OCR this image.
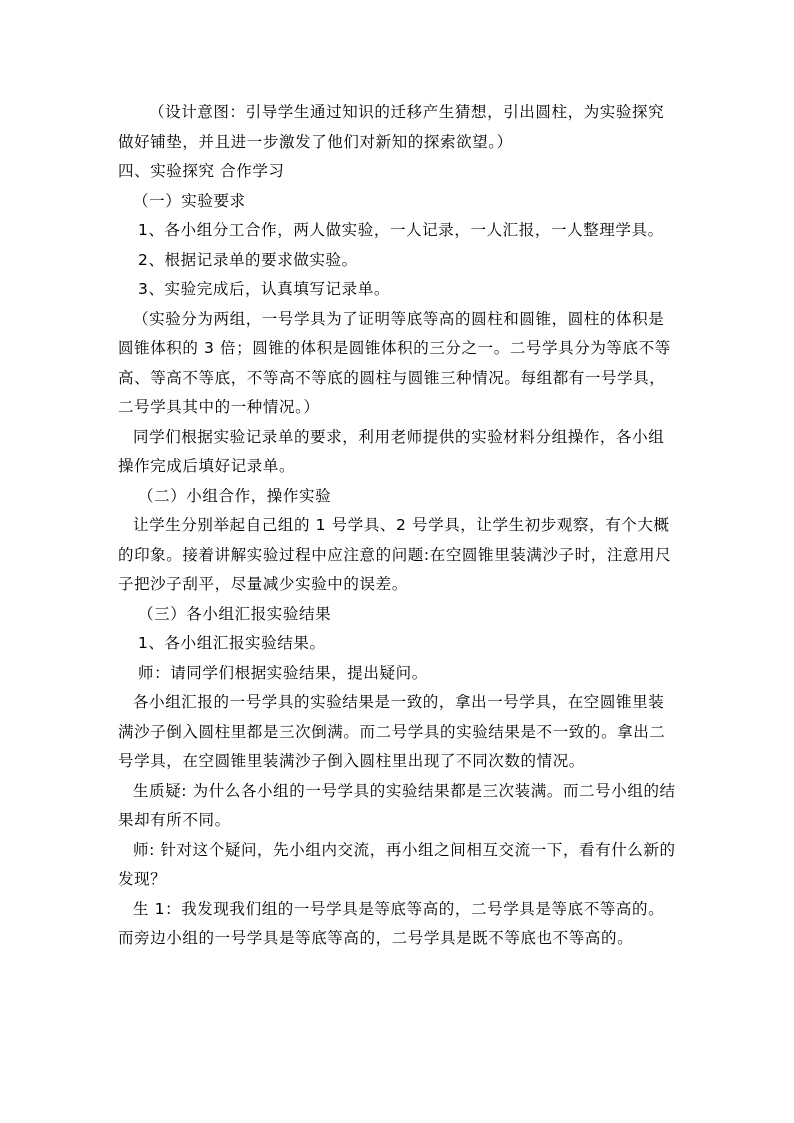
（设计意图：引导学生通过知识的迁移产生猜想，引出圆柱，为实验探究做好铺垫，并且进一步激发了他们对新知的探索欲望。）

四、实验探究 合作学习

（一）实验要求

1、各小组分工合作，两人做实验，一人记录，一人汇报，一人整理学具。

2、根据记录单的要求做实验。

3、实验完成后，认真填写记录单。

（实验分为两组，一号学具为了证明等底等高的圆柱和圆锥，圆柱的体积是圆锥体积的 3 倍；圆锥的体积是圆锥体积的三分之一。二号学具分为等底不等高、等高不等底，不等高不等底的圆柱与圆锥三种情况。每组都有一号学具，二号学具其中的一种情况。）

同学们根据实验记录单的要求，利用老师提供的实验材料分组操作，各小组操作完成后填好记录单。

（二）小组合作，操作实验

让学生分别举起自己组的 1 号学具、2 号学具，让学生初步观察，有个大概的印象。接着讲解实验过程中应注意的问题:在空圆锥里装满沙子时，注意用尺子把沙子刮平，尽量减少实验中的误差。

（三）各小组汇报实验结果

1、各小组汇报实验结果。

师：请同学们根据实验结果，提出疑问。

各小组汇报的一号学具的实验结果是一致的，拿出一号学具，在空圆锥里装满沙子倒入圆柱里都是三次倒满。而二号学具的实验结果是不一致的。拿出二号学具，在空圆锥里装满沙子倒入圆柱里出现了不同次数的情况。

生质疑: 为什么各小组的一号学具的实验结果都是三次装满。而二号小组的结果却有所不同。

师: 针对这个疑问，先小组内交流，再小组之间相互交流一下，看有什么新的发现？

生 1：我发现我们组的一号学具是等底等高的，二号学具是等底不等高的。而旁边小组的一号学具是等底等高的，二号学具是既不等底也不等高的。
